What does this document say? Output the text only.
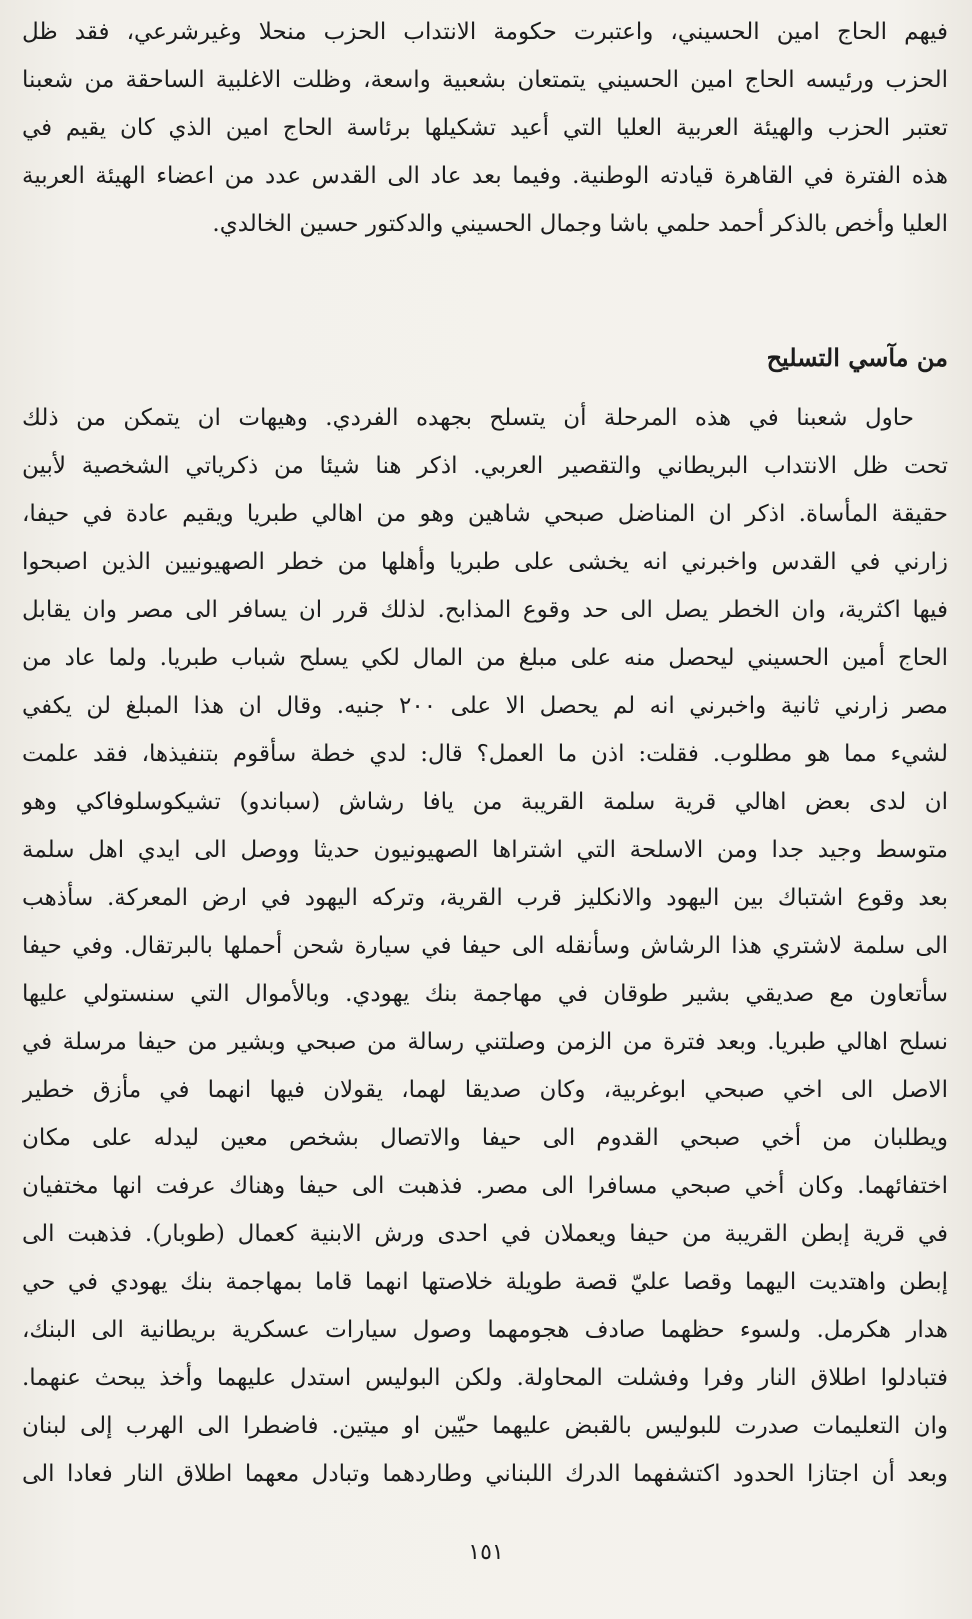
فيهم الحاج امين الحسيني، واعتبرت حكومة الانتداب الحزب منحلا وغيرشرعي، فقد ظل
الحزب ورئيسه الحاج امين الحسيني يتمتعان بشعبية واسعة، وظلت الاغلبية الساحقة من شعبنا
تعتبر الحزب والهيئة العربية العليا التي أعيد تشكيلها برئاسة الحاج امين الذي كان يقيم في
هذه الفترة في القاهرة قيادته الوطنية. وفيما بعد عاد الى القدس عدد من اعضاء الهيئة العربية
العليا وأخص بالذكر أحمد حلمي باشا وجمال الحسيني والدكتور حسين الخالدي.
من مآسي التسليح
حاول شعبنا في هذه المرحلة أن يتسلح بجهده الفردي. وهيهات ان يتمكن من ذلك
تحت ظل الانتداب البريطاني والتقصير العربي. اذكر هنا شيئا من ذكرياتي الشخصية لأبين
حقيقة المأساة. اذكر ان المناضل صبحي شاهين وهو من اهالي طبريا ويقيم عادة في حيفا،
زارني في القدس واخبرني انه يخشى على طبريا وأهلها من خطر الصهيونيين الذين اصبحوا
فيها اكثرية، وان الخطر يصل الى حد وقوع المذابح. لذلك قرر ان يسافر الى مصر وان يقابل
الحاج أمين الحسيني ليحصل منه على مبلغ من المال لكي يسلح شباب طبريا. ولما عاد من
مصر زارني ثانية واخبرني انه لم يحصل الا على ٢٠٠ جنيه. وقال ان هذا المبلغ لن يكفي
لشيء مما هو مطلوب. فقلت: اذن ما العمل؟ قال: لدي خطة سأقوم بتنفيذها، فقد علمت
ان لدى بعض اهالي قرية سلمة القريبة من يافا رشاش (سباندو) تشيكوسلوفاكي وهو
متوسط وجيد جدا ومن الاسلحة التي اشتراها الصهيونيون حديثا ووصل الى ايدي اهل سلمة
بعد وقوع اشتباك بين اليهود والانكليز قرب القرية، وتركه اليهود في ارض المعركة. سأذهب
الى سلمة لاشتري هذا الرشاش وسأنقله الى حيفا في سيارة شحن أحملها بالبرتقال. وفي حيفا
سأتعاون مع صديقي بشير طوقان في مهاجمة بنك يهودي. وبالأموال التي سنستولي عليها
نسلح اهالي طبريا. وبعد فترة من الزمن وصلتني رسالة من صبحي وبشير من حيفا مرسلة في
الاصل الى اخي صبحي ابوغربية، وكان صديقا لهما، يقولان فيها انهما في مأزق خطير
ويطلبان من أخي صبحي القدوم الى حيفا والاتصال بشخص معين ليدله على مكان
اختفائهما. وكان أخي صبحي مسافرا الى مصر. فذهبت الى حيفا وهناك عرفت انها مختفيان
في قرية إبطن القريبة من حيفا ويعملان في احدى ورش الابنية كعمال (طوبار). فذهبت الى
إبطن واهتديت اليهما وقصا عليّ قصة طويلة خلاصتها انهما قاما بمهاجمة بنك يهودي في حي
هدار هكرمل. ولسوء حظهما صادف هجومهما وصول سيارات عسكرية بريطانية الى البنك،
فتبادلوا اطلاق النار وفرا وفشلت المحاولة. ولكن البوليس استدل عليهما وأخذ يبحث عنهما.
وان التعليمات صدرت للبوليس بالقبض عليهما حيّين او ميتين. فاضطرا الى الهرب إلى لبنان
وبعد أن اجتازا الحدود اكتشفهما الدرك اللبناني وطاردهما وتبادل معهما اطلاق النار فعادا الى
١٥١
